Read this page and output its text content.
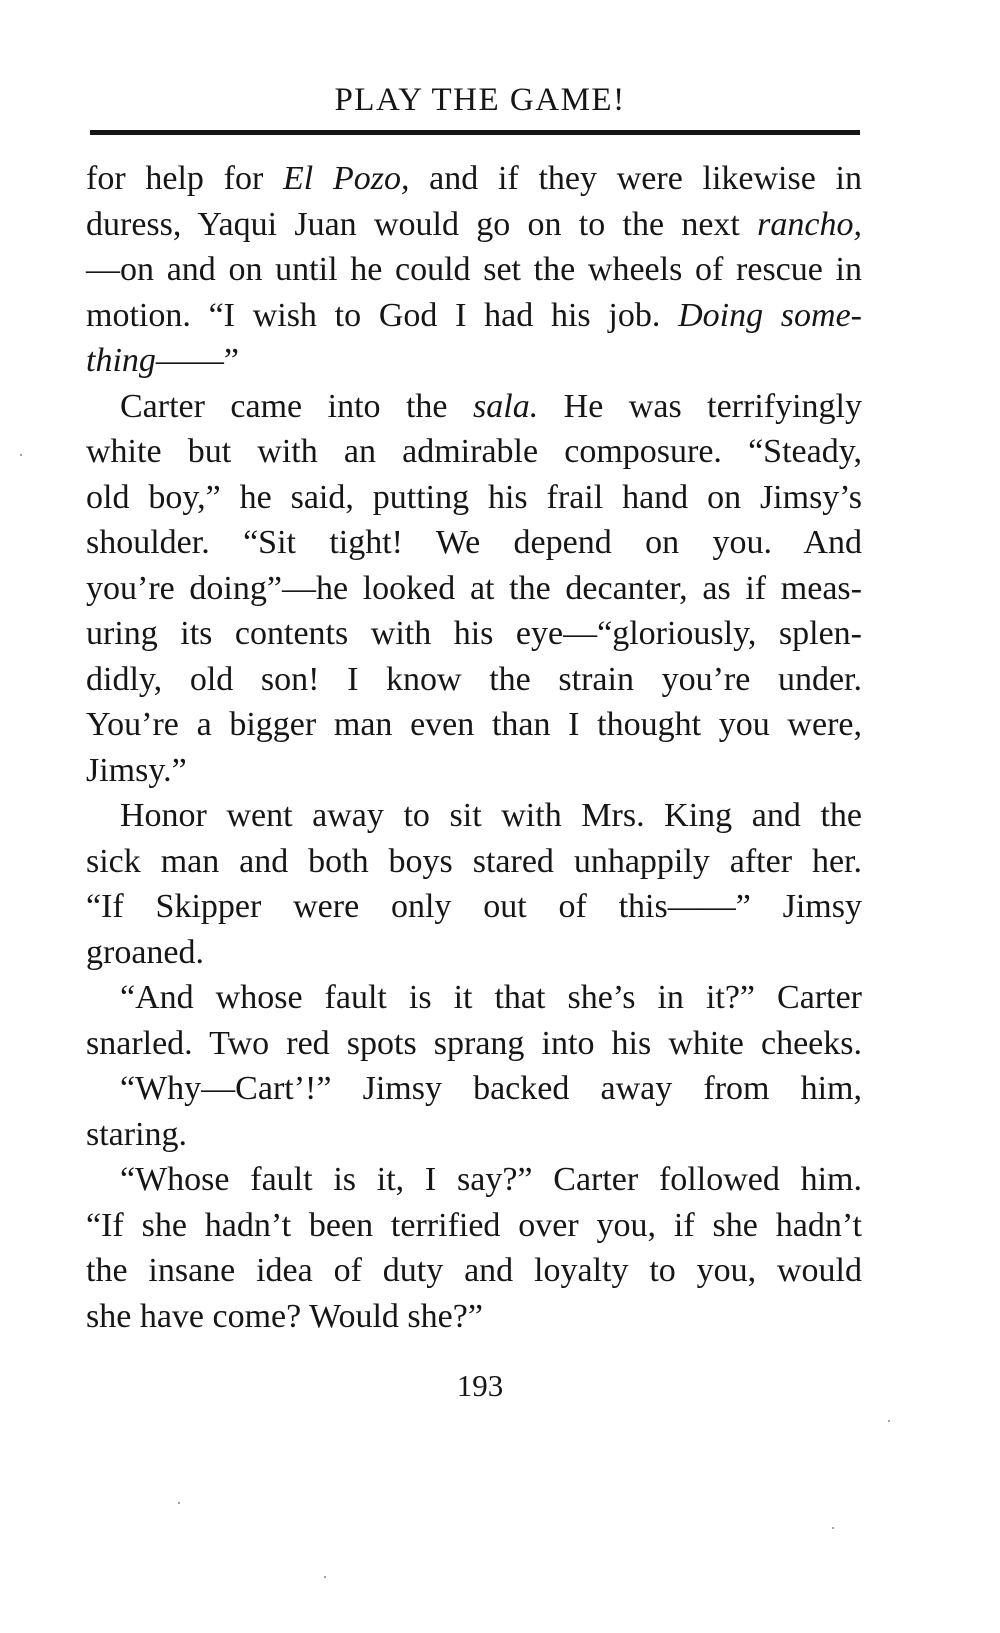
PLAY THE GAME!
for help for El Pozo, and if they were likewise in
duress, Yaqui Juan would go on to the next rancho,
—on and on until he could set the wheels of rescue in
motion. “I wish to God I had his job. Doing some-
thing——”
Carter came into the sala. He was terrifyingly
white but with an admirable composure. “Steady,
old boy,” he said, putting his frail hand on Jimsy’s
shoulder. “Sit tight! We depend on you. And
you’re doing”—he looked at the decanter, as if meas-
uring its contents with his eye—“gloriously, splen-
didly, old son! I know the strain you’re under.
You’re a bigger man even than I thought you were,
Jimsy.”
Honor went away to sit with Mrs. King and the
sick man and both boys stared unhappily after her.
“If Skipper were only out of this——” Jimsy
groaned.
“And whose fault is it that she’s in it?” Carter
snarled. Two red spots sprang into his white cheeks.
“Why—Cart’!” Jimsy backed away from him,
staring.
“Whose fault is it, I say?” Carter followed him.
“If she hadn’t been terrified over you, if she hadn’t
the insane idea of duty and loyalty to you, would
she have come? Would she?”
193
